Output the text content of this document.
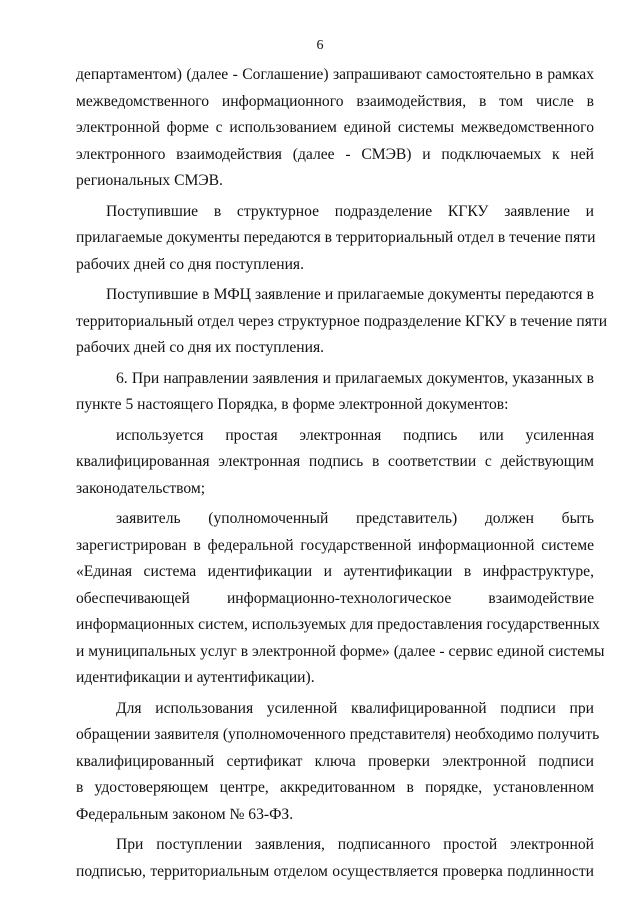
6
департаментом) (далее - Соглашение) запрашивают самостоятельно в рамках
межведомственного информационного взаимодействия, в том числе в
электронной форме с использованием единой системы межведомственного
электронного взаимодействия (далее - СМЭВ) и подключаемых к ней
региональных СМЭВ.
Поступившие в структурное подразделение КГКУ заявление и
прилагаемые документы передаются в территориальный отдел в течение пяти
рабочих дней со дня поступления.
Поступившие в МФЦ заявление и прилагаемые документы передаются в
территориальный отдел через структурное подразделение КГКУ в течение пяти
рабочих дней со дня их поступления.
6. При направлении заявления и прилагаемых документов, указанных в
пункте 5 настоящего Порядка, в форме электронной документов:
используется простая электронная подпись или усиленная
квалифицированная электронная подпись в соответствии с действующим
законодательством;
заявитель (уполномоченный представитель) должен быть
зарегистрирован в федеральной государственной информационной системе
«Единая система идентификации и аутентификации в инфраструктуре,
обеспечивающей информационно-технологическое взаимодействие
информационных систем, используемых для предоставления государственных
и муниципальных услуг в электронной форме» (далее - сервис единой системы
идентификации и аутентификации).
Для использования усиленной квалифицированной подписи при
обращении заявителя (уполномоченного представителя) необходимо получить
квалифицированный сертификат ключа проверки электронной подписи
в удостоверяющем центре, аккредитованном в порядке, установленном
Федеральным законом № 63-ФЗ.
При поступлении заявления, подписанного простой электронной
подписью, территориальным отделом осуществляется проверка подлинности
